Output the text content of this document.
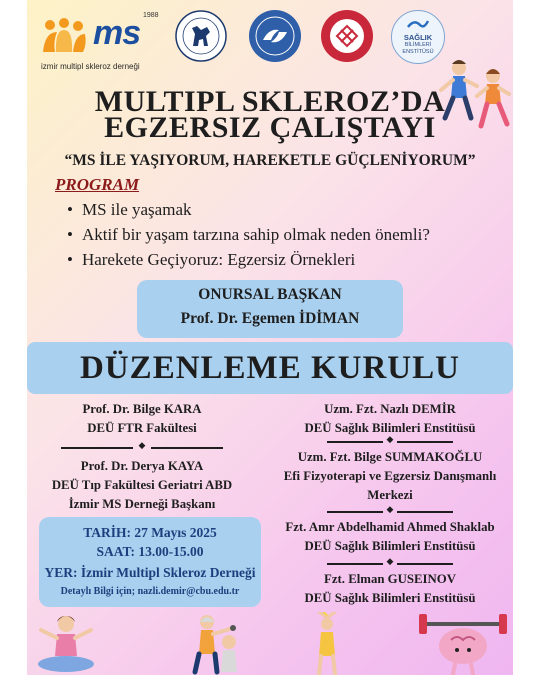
ms 1988
izmir multipl skleroz derneği
SAĞLIK
BİLİMLERİ
ENSTİTÜSÜ
MULTIPL SKLEROZ’DA
EGZERSIZ ÇALIŞTAYI
“MS İLE YAŞIYORUM, HAREKETLE GÜÇLENİYORUM”
PROGRAM
• MS ile yaşamak
• Aktif bir yaşam tarzına sahip olmak neden önemli?
• Harekete Geçiyoruz: Egzersiz Örnekleri
ONURSAL BAŞKAN
Prof. Dr. Egemen İDİMAN
DÜZENLEME KURULU
Prof. Dr. Bilge KARA
DEÜ FTR Fakültesi
◆
Prof. Dr. Derya KAYA
DEÜ Tıp Fakültesi Geriatri ABD
İzmir MS Derneği Başkanı
Uzm. Fzt. Nazlı DEMİR
DEÜ Sağlık Bilimleri Enstitüsü
◆
Uzm. Fzt. Bilge SUMMAKOĞLU
Efi Fizyoterapi ve Egzersiz Danışmanlı
Merkezi
◆
Fzt. Amr Abdelhamid Ahmed Shaklab
DEÜ Sağlık Bilimleri Enstitüsü
◆
Fzt. Elman GUSEINOV
DEÜ Sağlık Bilimleri Enstitüsü
TARİH: 27 Mayıs 2025
SAAT: 13.00-15.00
YER: İzmir Multipl Skleroz Derneği
Detaylı Bilgi için; nazli.demir@cbu.edu.tr
